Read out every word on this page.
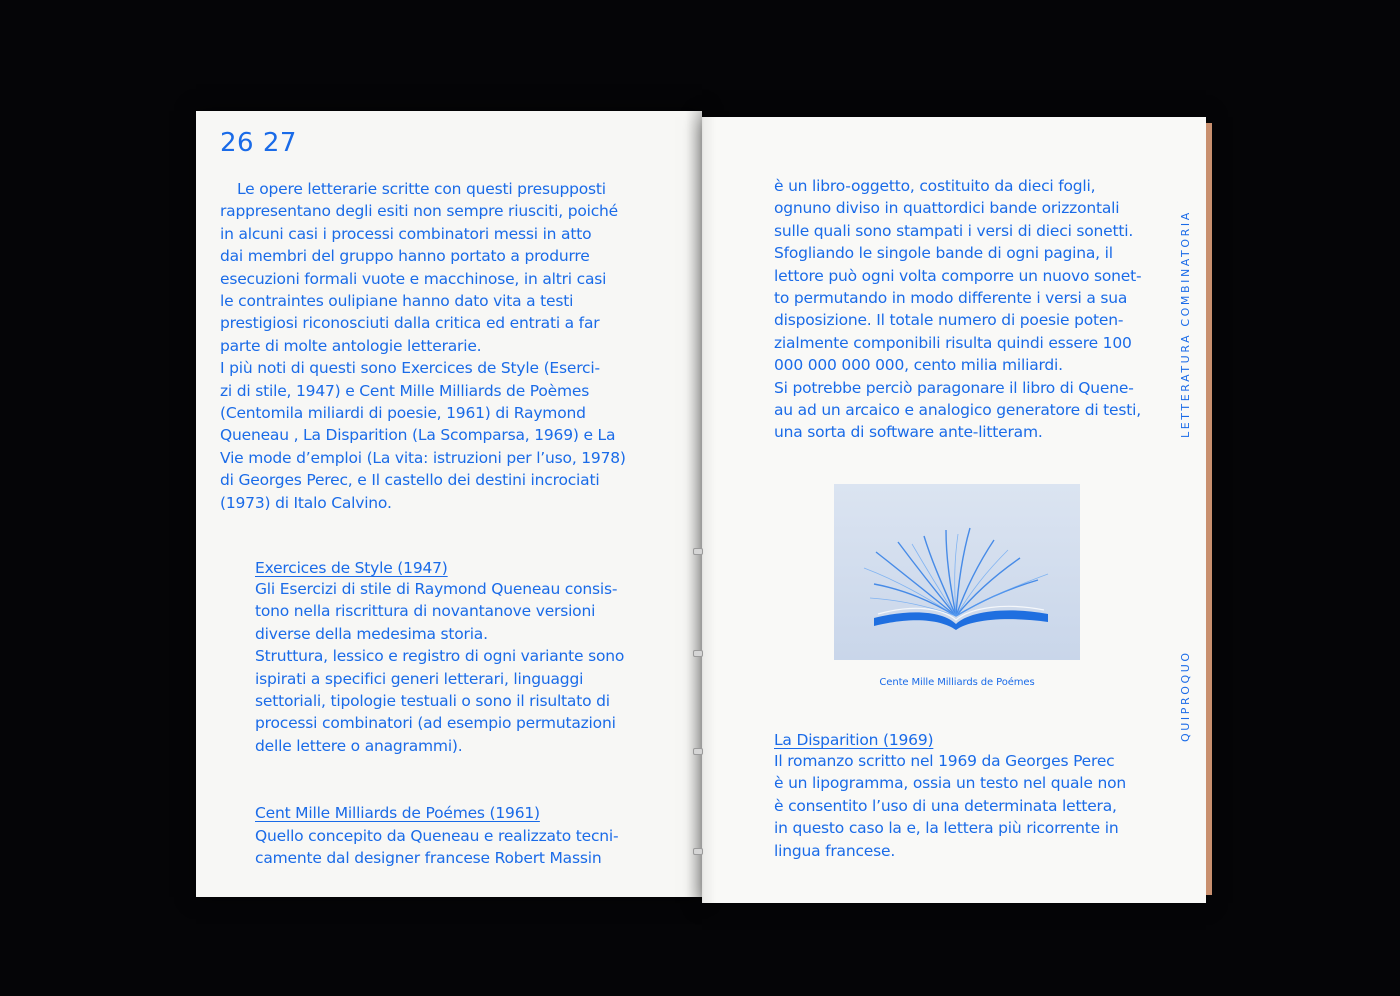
26 27
Le opere letterarie scritte con questi presupposti
rappresentano degli esiti non sempre riusciti, poiché
in alcuni casi i processi combinatori messi in atto
dai membri del gruppo hanno portato a produrre
esecuzioni formali vuote e macchinose, in altri casi
le contraintes oulipiane hanno dato vita a testi
prestigiosi riconosciuti dalla critica ed entrati a far
parte di molte antologie letterarie.
I più noti di questi sono Exercices de Style (Eserci-
zi di stile, 1947) e Cent Mille Milliards de Poèmes
(Centomila miliardi di poesie, 1961) di Raymond
Queneau , La Disparition (La Scomparsa, 1969) e La
Vie mode d’emploi (La vita: istruzioni per l’uso, 1978)
di Georges Perec, e Il castello dei destini incrociati
(1973) di Italo Calvino.
Exercices de Style (1947)
Gli Esercizi di stile di Raymond Queneau consis-
tono nella riscrittura di novantanove versioni
diverse della medesima storia.
Struttura, lessico e registro di ogni variante sono
ispirati a specifici generi letterari, linguaggi
settoriali, tipologie testuali o sono il risultato di
processi combinatori (ad esempio permutazioni
delle lettere o anagrammi).
Cent Mille Milliards de Poémes (1961)
Quello concepito da Queneau e realizzato tecni-
camente dal designer francese Robert Massin
è un libro-oggetto, costituito da dieci fogli,
ognuno diviso in quattordici bande orizzontali
sulle quali sono stampati i versi di dieci sonetti.
Sfogliando le singole bande di ogni pagina, il
lettore può ogni volta comporre un nuovo sonet-
to permutando in modo differente i versi a sua
disposizione. Il totale numero di poesie poten-
zialmente componibili risulta quindi essere 100
000 000 000 000, cento milia miliardi.
Si potrebbe perciò paragonare il libro di Quene-
au ad un arcaico e analogico generatore di testi,
una sorta di software ante-litteram.
Cente Mille Milliards de Poémes
La Disparition (1969)
Il romanzo scritto nel 1969 da Georges Perec
è un lipogramma, ossia un testo nel quale non
è consentito l’uso di una determinata lettera,
in questo caso la e, la lettera più ricorrente in
lingua francese.
LETTERATURA COMBINATORIA
QUIPROQUO
